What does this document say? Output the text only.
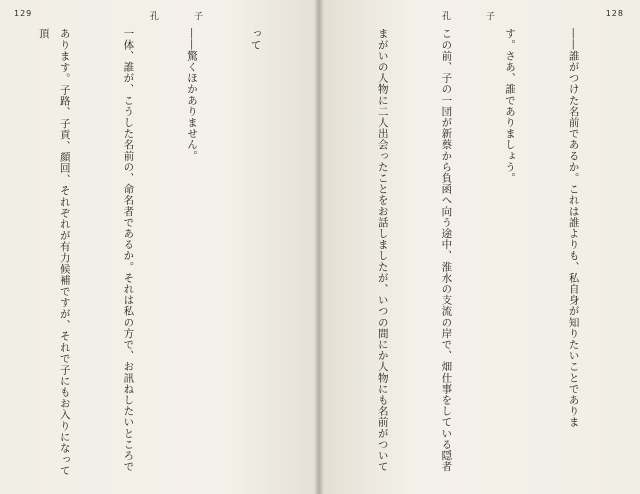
129	孔	子

って

――驚くほかありません。

一体、誰が、こうした名前の、命名者であるか。それは私の方で、お訊ねしたいところで

あります。子路、子貢、顔回、それぞれが有力候補ですが、それで子にもお入りになって頂

孔	子	128

――誰がつけた名前であるか。これは誰よりも、私自身が知りたいことでありま

す。さあ、誰でありましょう。

この前、子の一団が新蔡から負函へ向う途中、淮水の支流の岸で、畑仕事をしている隠者

まがいの人物に二人出会ったことをお話しましたが、いつの間にか人物にも名前がついて
